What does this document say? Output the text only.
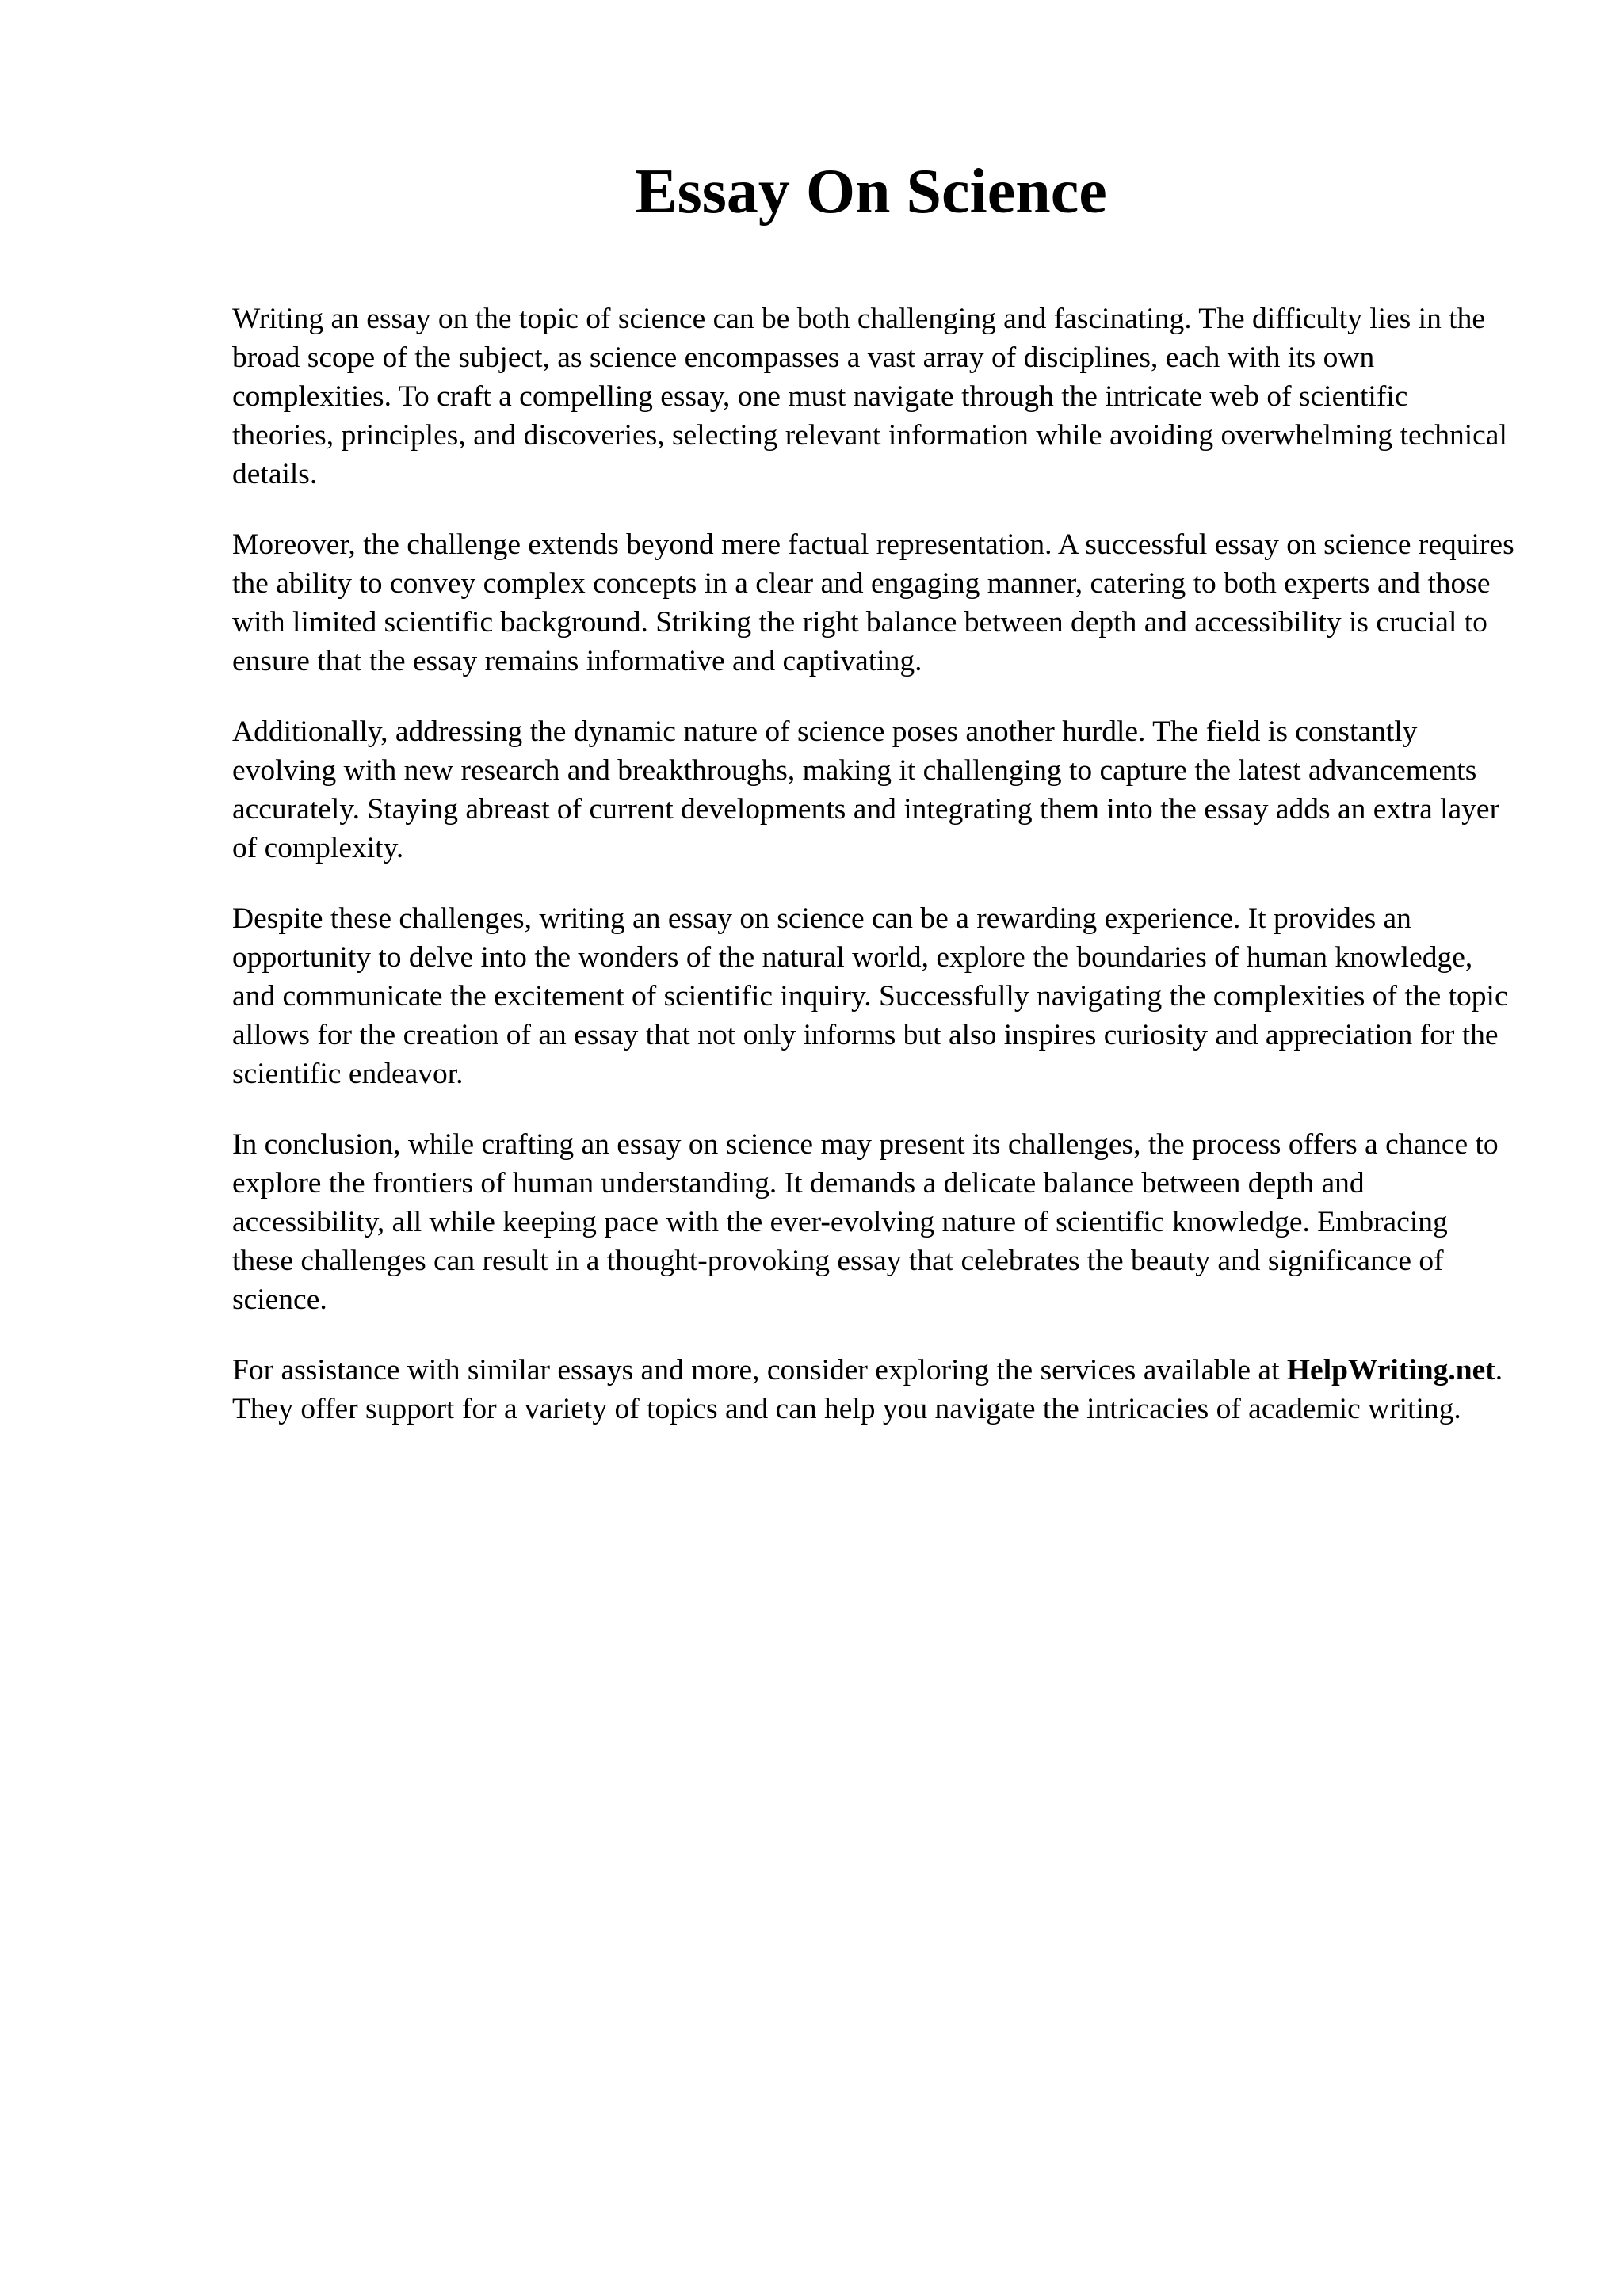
Essay On Science

Writing an essay on the topic of science can be both challenging and fascinating. The difficulty lies in the broad scope of the subject, as science encompasses a vast array of disciplines, each with its own complexities. To craft a compelling essay, one must navigate through the intricate web of scientific theories, principles, and discoveries, selecting relevant information while avoiding overwhelming technical details.

Moreover, the challenge extends beyond mere factual representation. A successful essay on science requires the ability to convey complex concepts in a clear and engaging manner, catering to both experts and those with limited scientific background. Striking the right balance between depth and accessibility is crucial to ensure that the essay remains informative and captivating.

Additionally, addressing the dynamic nature of science poses another hurdle. The field is constantly evolving with new research and breakthroughs, making it challenging to capture the latest advancements accurately. Staying abreast of current developments and integrating them into the essay adds an extra layer of complexity.

Despite these challenges, writing an essay on science can be a rewarding experience. It provides an opportunity to delve into the wonders of the natural world, explore the boundaries of human knowledge, and communicate the excitement of scientific inquiry. Successfully navigating the complexities of the topic allows for the creation of an essay that not only informs but also inspires curiosity and appreciation for the scientific endeavor.

In conclusion, while crafting an essay on science may present its challenges, the process offers a chance to explore the frontiers of human understanding. It demands a delicate balance between depth and accessibility, all while keeping pace with the ever-evolving nature of scientific knowledge. Embracing these challenges can result in a thought-provoking essay that celebrates the beauty and significance of science.

For assistance with similar essays and more, consider exploring the services available at HelpWriting.net. They offer support for a variety of topics and can help you navigate the intricacies of academic writing.
